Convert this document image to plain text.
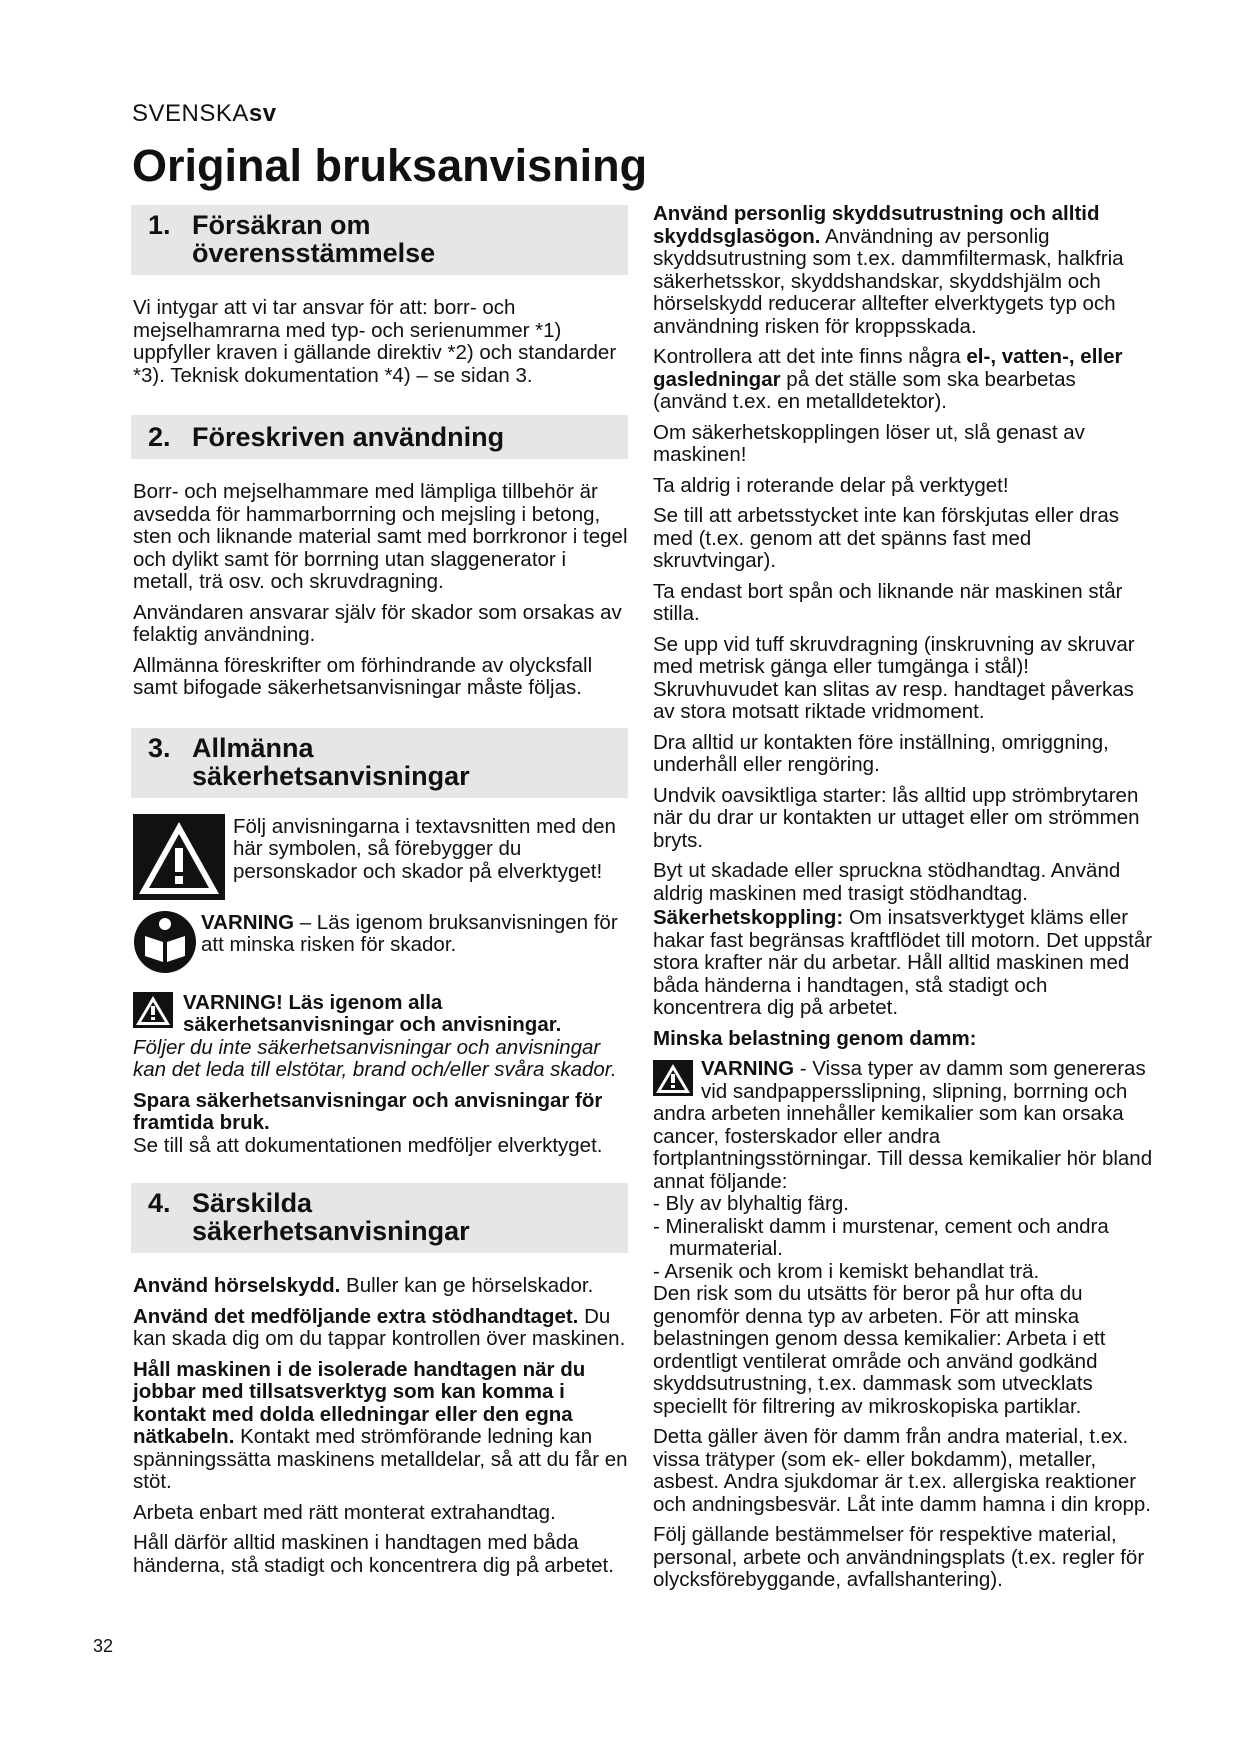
SVENSKAsv
Original bruksanvisning
1. Försäkran om
överensstämmelse

Vi intygar att vi tar ansvar för att: borr- och mejselhamrarna med typ- och serienummer *1) uppfyller kraven i gällande direktiv *2) och standarder *3). Teknisk dokumentation *4) – se sidan 3.

2. Föreskriven användning

Borr- och mejselhammare med lämpliga tillbehör är avsedda för hammarborrning och mejsling i betong, sten och liknande material samt med borrkronor i tegel och dylikt samt för borrning utan slaggenerator i metall, trä osv. och skruvdragning.

Användaren ansvarar själv för skador som orsakas av felaktig användning.

Allmänna föreskrifter om förhindrande av olycksfall samt bifogade säkerhetsanvisningar måste följas.

3. Allmänna
säkerhetsanvisningar

Följ anvisningarna i textavsnitten med den här symbolen, så förebygger du personskador och skador på elverktyget!

VARNING – Läs igenom bruksanvisningen för att minska risken för skador.

VARNING! Läs igenom alla säkerhetsanvisningar och anvisningar.

Följer du inte säkerhetsanvisningar och anvisningar kan det leda till elstötar, brand och/eller svåra skador.

Spara säkerhetsanvisningar och anvisningar för framtida bruk.

Se till så att dokumentationen medföljer elverktyget.

4. Särskilda
säkerhetsanvisningar

Använd hörselskydd. Buller kan ge hörselskador.

Använd det medföljande extra stödhandtaget. Du kan skada dig om du tappar kontrollen över maskinen.

Håll maskinen i de isolerade handtagen när du jobbar med tillsatsverktyg som kan komma i kontakt med dolda elledningar eller den egna nätkabeln. Kontakt med strömförande ledning kan spänningssätta maskinens metalldelar, så att du får en stöt.

Arbeta enbart med rätt monterat extrahandtag.

Håll därför alltid maskinen i handtagen med båda händerna, stå stadigt och koncentrera dig på arbetet.

Använd personlig skyddsutrustning och alltid skyddsglasögon. Användning av personlig skyddsutrustning som t.ex. dammfiltermask, halkfria säkerhetsskor, skyddshandskar, skyddshjälm och hörselskydd reducerar alltefter elverktygets typ och användning risken för kroppsskada.

Kontrollera att det inte finns några el-, vatten-, eller gasledningar på det ställe som ska bearbetas (använd t.ex. en metalldetektor).

Om säkerhetskopplingen löser ut, slå genast av maskinen!

Ta aldrig i roterande delar på verktyget!

Se till att arbetsstycket inte kan förskjutas eller dras med (t.ex. genom att det spänns fast med skruvtvingar).

Ta endast bort spån och liknande när maskinen står stilla.

Se upp vid tuff skruvdragning (inskruvning av skruvar med metrisk gänga eller tumgänga i stål)! Skruvhuvudet kan slitas av resp. handtaget påverkas av stora motsatt riktade vridmoment.

Dra alltid ur kontakten före inställning, omriggning, underhåll eller rengöring.

Undvik oavsiktliga starter: lås alltid upp strömbrytaren när du drar ur kontakten ur uttaget eller om strömmen bryts.

Byt ut skadade eller spruckna stödhandtag. Använd aldrig maskinen med trasigt stödhandtag.

Säkerhetskoppling: Om insatsverktyget kläms eller hakar fast begränsas kraftflödet till motorn. Det uppstår stora krafter när du arbetar. Håll alltid maskinen med båda händerna i handtagen, stå stadigt och koncentrera dig på arbetet.

Minska belastning genom damm:

VARNING - Vissa typer av damm som genereras vid sandpappersslipning, slipning, borrning och andra arbeten innehåller kemikalier som kan orsaka cancer, fosterskador eller andra fortplantningsstörningar. Till dessa kemikalier hör bland annat följande:

- Bly av blyhaltig färg.
- Mineraliskt damm i murstenar, cement och andra murmaterial.
- Arsenik och krom i kemiskt behandlat trä.

Den risk som du utsätts för beror på hur ofta du genomför denna typ av arbeten. För att minska belastningen genom dessa kemikalier: Arbeta i ett ordentligt ventilerat område och använd godkänd skyddsutrustning, t.ex. dammask som utvecklats speciellt för filtrering av mikroskopiska partiklar.

Detta gäller även för damm från andra material, t.ex. vissa trätyper (som ek- eller bokdamm), metaller, asbest. Andra sjukdomar är t.ex. allergiska reaktioner och andningsbesvär. Låt inte damm hamna i din kropp.

Följ gällande bestämmelser för respektive material, personal, arbete och användningsplats (t.ex. regler för olycksförebyggande, avfallshantering).

32
